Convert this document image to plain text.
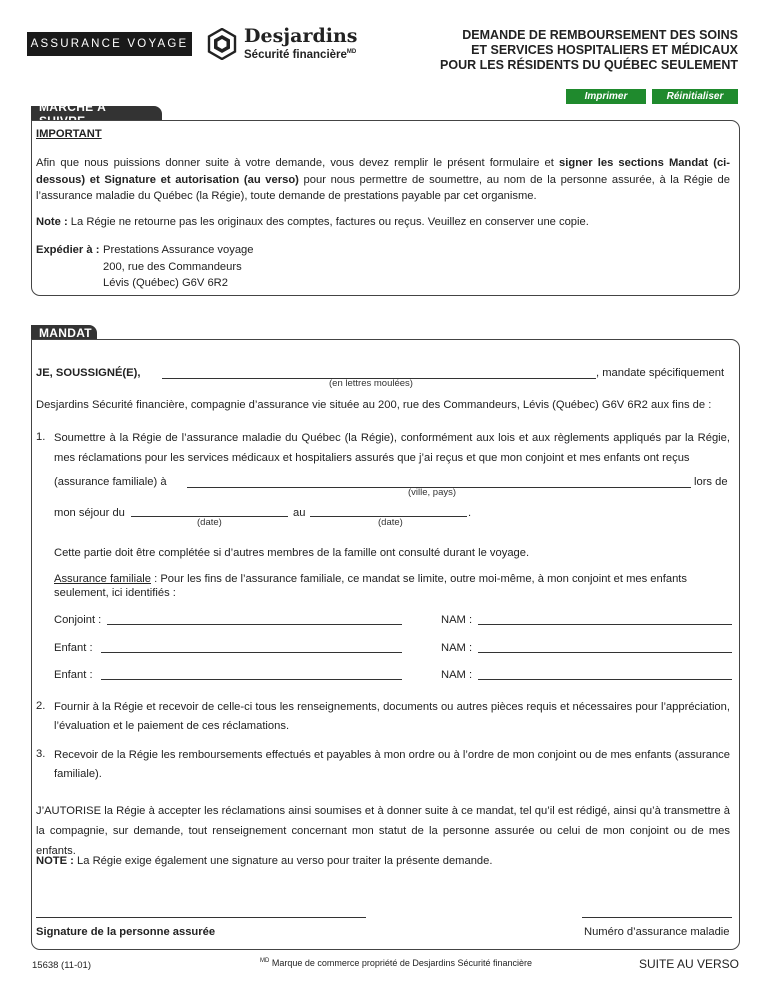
ASSURANCE VOYAGE	Desjardins
Sécurité financière$^{MD}$
DEMANDE DE REMBOURSEMENT DES SOINS
ET SERVICES HOSPITALIERS ET MÉDICAUX
POUR LES RÉSIDENTS DU QUÉBEC SEULEMENT
Imprimer	Réinitialiser
MARCHE À SUIVRE
IMPORTANT
Afin que nous puissions donner suite à votre demande, vous devez remplir le présent formulaire et signer les sections Mandat (ci-dessous) et Signature et autorisation (au verso) pour nous permettre de soumettre, au nom de la personne assurée, à la Régie de l’assurance maladie du Québec (la Régie), toute demande de prestations payable par cet organisme.
Note : La Régie ne retourne pas les originaux des comptes, factures ou reçus. Veuillez en conserver une copie.
Expédier à : Prestations Assurance voyage
200, rue des Commandeurs
Lévis (Québec) G6V 6R2
MANDAT
JE, SOUSSIGNÉ(E),	, mandate spécifiquement
(en lettres moulées)
Desjardins Sécurité financière, compagnie d’assurance vie située au 200, rue des Commandeurs, Lévis (Québec) G6V 6R2 aux fins de :
1. Soumettre à la Régie de l’assurance maladie du Québec (la Régie), conformément aux lois et aux règlements appliqués par la Régie, mes réclamations pour les services médicaux et hospitaliers assurés que j’ai reçus et que mon conjoint et mes enfants ont reçus
(assurance familiale) à	lors de
(ville, pays)
mon séjour du	au	.
(date)	(date)
Cette partie doit être complétée si d’autres membres de la famille ont consulté durant le voyage.
Assurance familiale : Pour les fins de l’assurance familiale, ce mandat se limite, outre moi-même, à mon conjoint et mes enfants seulement, ici identifiés :
Conjoint :	NAM :
Enfant :	NAM :
Enfant :	NAM :
2. Fournir à la Régie et recevoir de celle-ci tous les renseignements, documents ou autres pièces requis et nécessaires pour l’appréciation, l’évaluation et le paiement de ces réclamations.
3. Recevoir de la Régie les remboursements effectués et payables à mon ordre ou à l’ordre de mon conjoint ou de mes enfants (assurance familiale).
J’AUTORISE la Régie à accepter les réclamations ainsi soumises et à donner suite à ce mandat, tel qu’il est rédigé, ainsi qu’à transmettre à la compagnie, sur demande, tout renseignement concernant mon statut de la personne assurée ou celui de mon conjoint ou de mes enfants.
NOTE : La Régie exige également une signature au verso pour traiter la présente demande.
Signature de la personne assurée	Numéro d’assurance maladie
15638 (11-01)	$^{MD}$ Marque de commerce propriété de Desjardins Sécurité financière	SUITE AU VERSO
